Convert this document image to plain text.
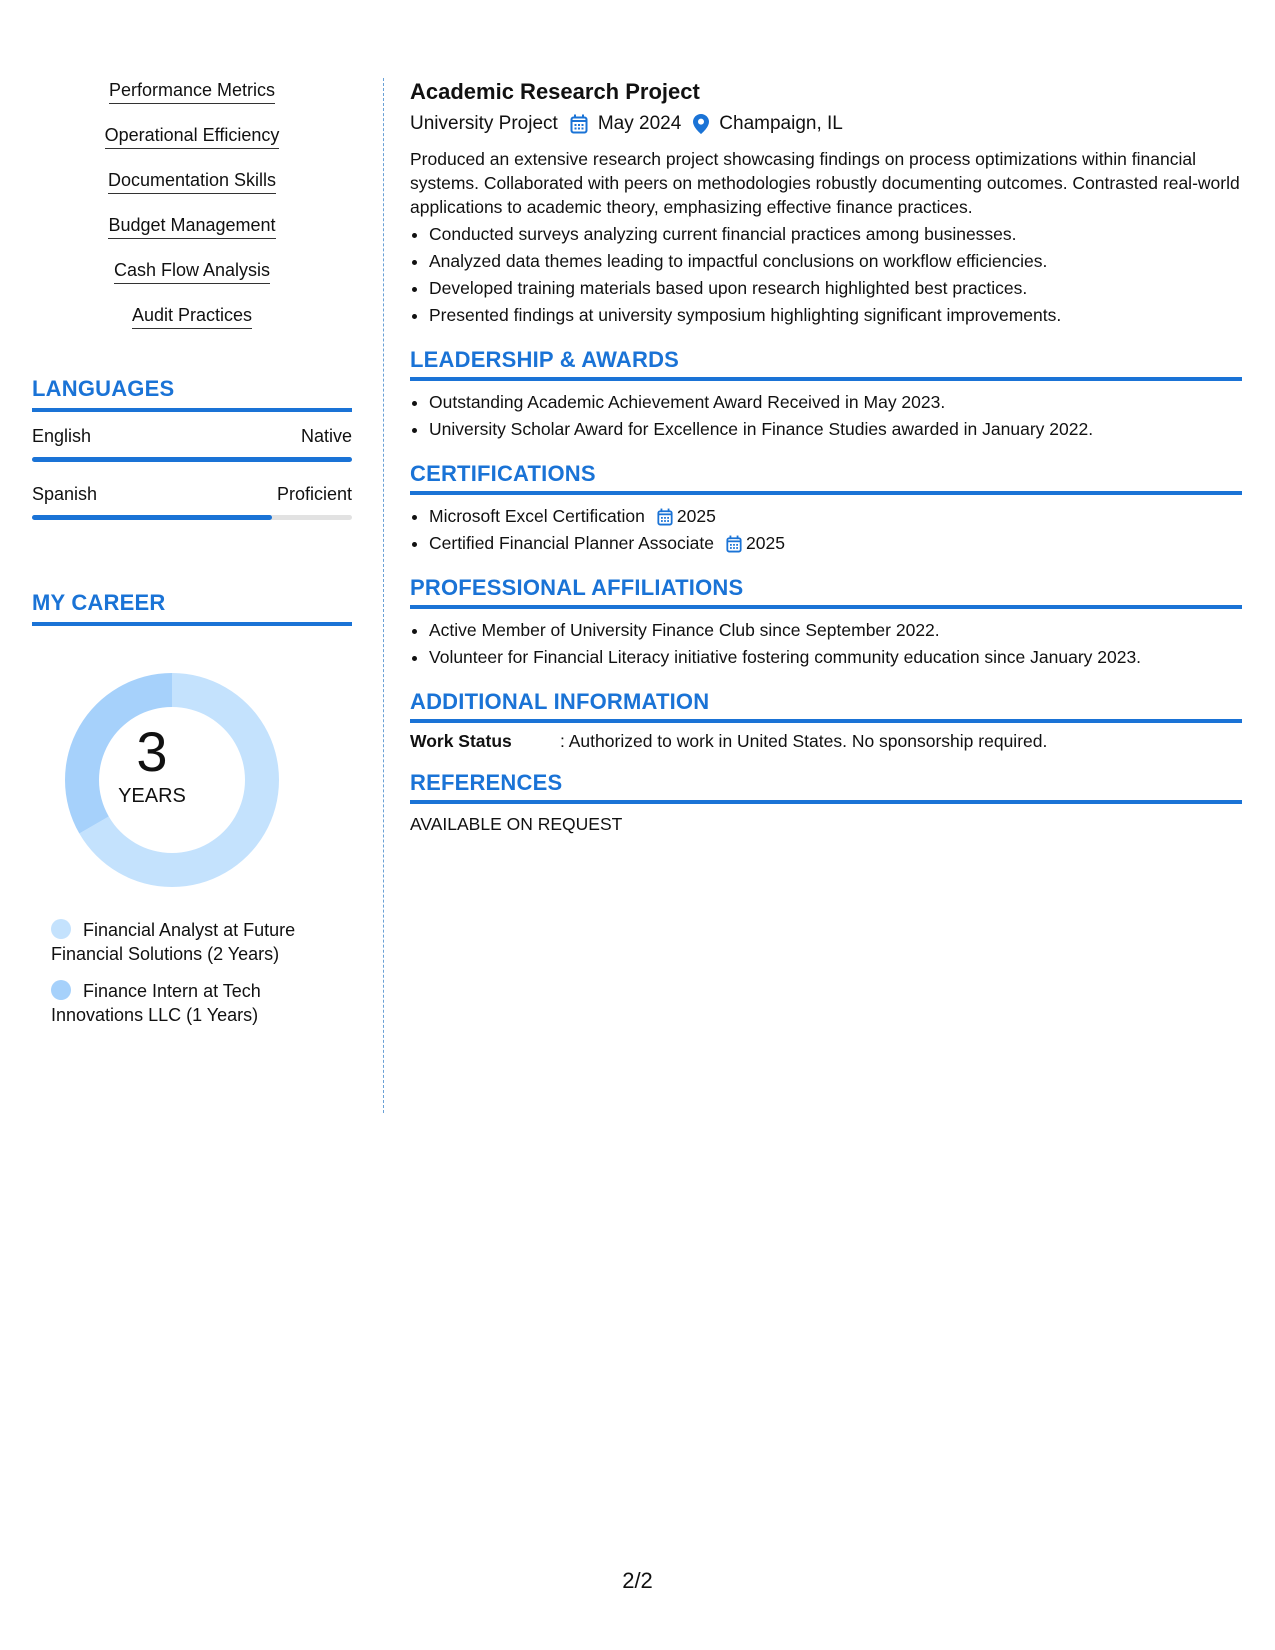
Performance Metrics
Operational Efficiency
Documentation Skills
Budget Management
Cash Flow Analysis
Audit Practices
LANGUAGES
English	Native
Spanish	Proficient
MY CAREER
3
YEARS
Financial Analyst at Future Financial Solutions (2 Years)
Finance Intern at Tech Innovations LLC (1 Years)
Academic Research Project
University Project May 2024 Champaign, IL

Produced an extensive research project showcasing findings on process optimizations within financial systems. Collaborated with peers on methodologies robustly documenting outcomes. Contrasted real-world applications to academic theory, emphasizing effective finance practices.

• Conducted surveys analyzing current financial practices among businesses.
• Analyzed data themes leading to impactful conclusions on workflow efficiencies.
• Developed training materials based upon research highlighted best practices.
• Presented findings at university symposium highlighting significant improvements.
LEADERSHIP & AWARDS
• Outstanding Academic Achievement Award Received in May 2023.
• University Scholar Award for Excellence in Finance Studies awarded in January 2022.
CERTIFICATIONS
• Microsoft Excel Certification 2025
• Certified Financial Planner Associate 2025
PROFESSIONAL AFFILIATIONS
• Active Member of University Finance Club since September 2022.
• Volunteer for Financial Literacy initiative fostering community education since January 2023.
ADDITIONAL INFORMATION
Work Status	: Authorized to work in United States. No sponsorship required.
REFERENCES
AVAILABLE ON REQUEST
2/2
